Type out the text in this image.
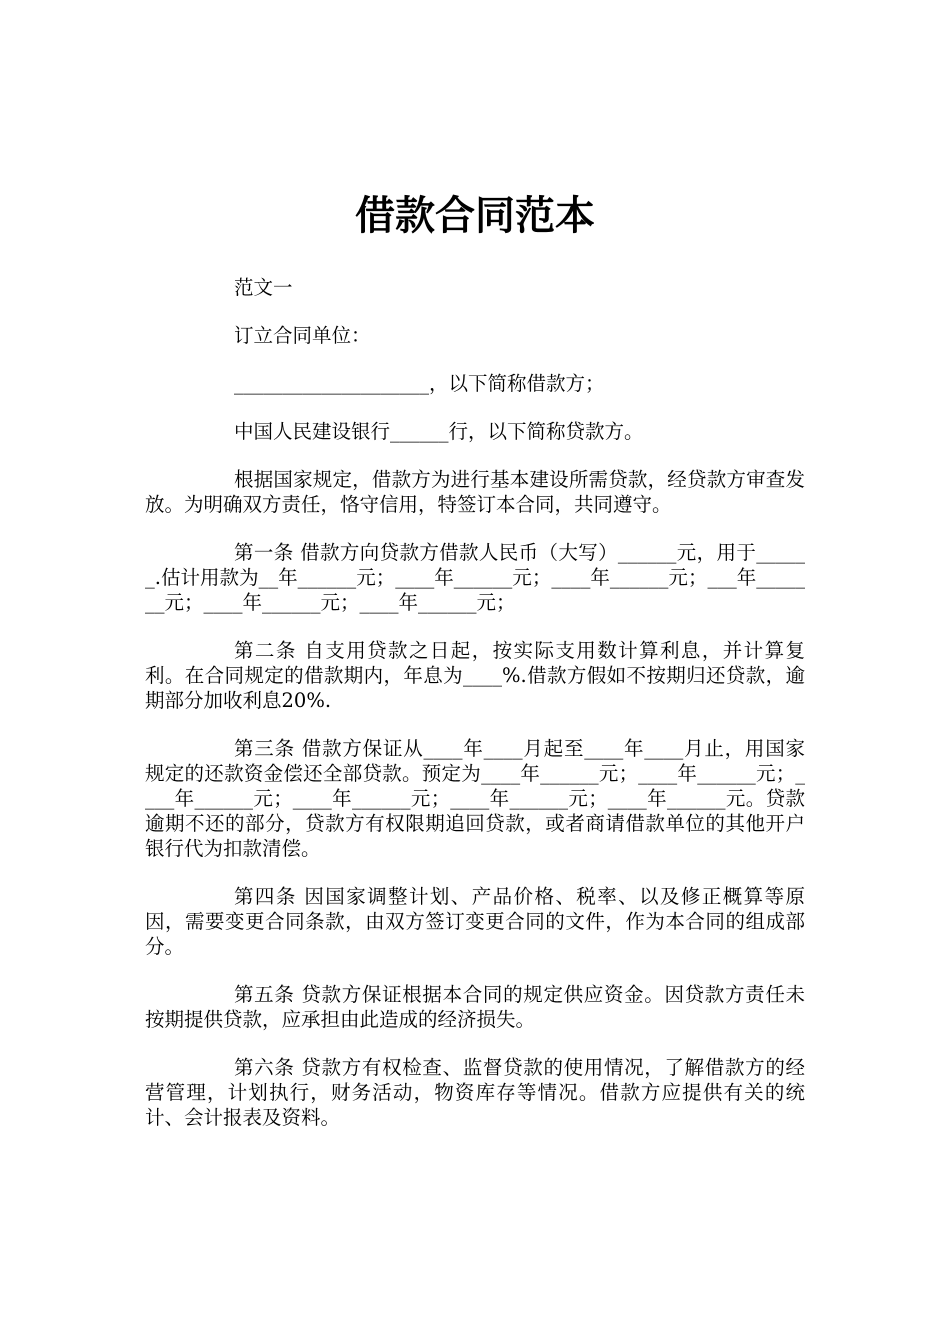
借款合同范本

范文一

订立合同单位：

____________________，以下简称借款方；

中国人民建设银行______行，以下简称贷款方。

根据国家规定，借款方为进行基本建设所需贷款，经贷款方审查发放。为明确双方责任，恪守信用，特签订本合同，共同遵守。

第一条 借款方向贷款方借款人民币（大写）______元，用于______.估计用款为__年______元；____年______元；____年______元；___年_______元；____年______元；____年______元；

第二条 自支用贷款之日起，按实际支用数计算利息，并计算复利。在合同规定的借款期内，年息为____%.借款方假如不按期归还贷款，逾期部分加收利息20%.

第三条 借款方保证从____年____月起至____年____月止，用国家规定的还款资金偿还全部贷款。预定为____年______元；____年______元；____年______元；____年______元；____年______元；____年______元。贷款逾期不还的部分，贷款方有权限期追回贷款，或者商请借款单位的其他开户银行代为扣款清偿。

第四条 因国家调整计划、产品价格、税率、以及修正概算等原因，需要变更合同条款，由双方签订变更合同的文件，作为本合同的组成部分。

第五条 贷款方保证根据本合同的规定供应资金。因贷款方责任未按期提供贷款，应承担由此造成的经济损失。

第六条 贷款方有权检查、监督贷款的使用情况，了解借款方的经营管理，计划执行，财务活动，物资库存等情况。借款方应提供有关的统计、会计报表及资料。
